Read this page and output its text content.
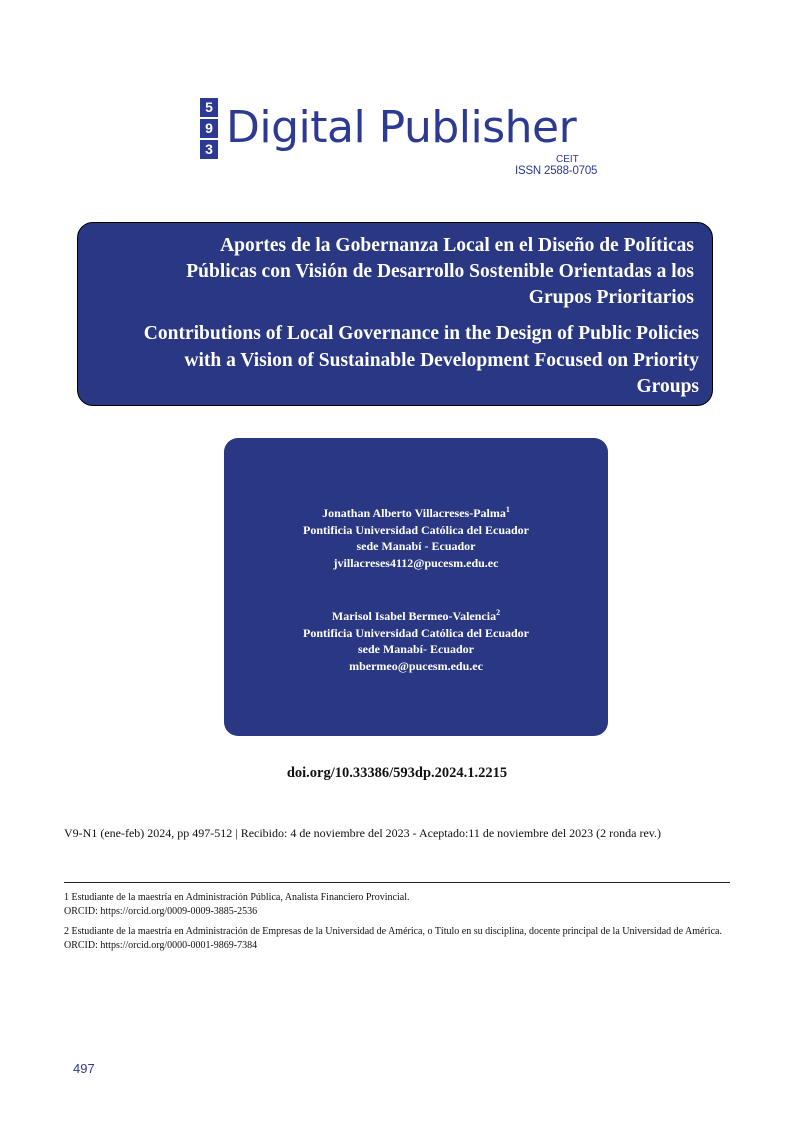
5
9
3 Digital Publisher
CEIT
ISSN 2588-0705
Aportes de la Gobernanza Local en el Diseño de Políticas
Públicas con Visión de Desarrollo Sostenible Orientadas a los
Grupos Prioritarios
Contributions of Local Governance in the Design of Public Policies
with a Vision of Sustainable Development Focused on Priority
Groups
Jonathan Alberto Villacreses-Palma$^1$
Pontificia Universidad Católica del Ecuador
sede Manabí - Ecuador
jvillacreses4112@pucesm.edu.ec
Marisol Isabel Bermeo-Valencia$^2$
Pontificia Universidad Católica del Ecuador
sede Manabí- Ecuador
mbermeo@pucesm.edu.ec
doi.org/10.33386/593dp.2024.1.2215
V9-N1 (ene-feb) 2024, pp 497-512 | Recibido: 4 de noviembre del 2023 - Aceptado:11 de noviembre del 2023 (2 ronda rev.)
1 Estudiante de la maestría en Administración Pública, Analista Financiero Provincial.
ORCID: https://orcid.org/0009-0009-3885-2536
2 Estudiante de la maestría en Administración de Empresas de la Universidad de América, o Título en su disciplina, docente principal de la Universidad de América.
ORCID: https://orcid.org/0000-0001-9869-7384
497
